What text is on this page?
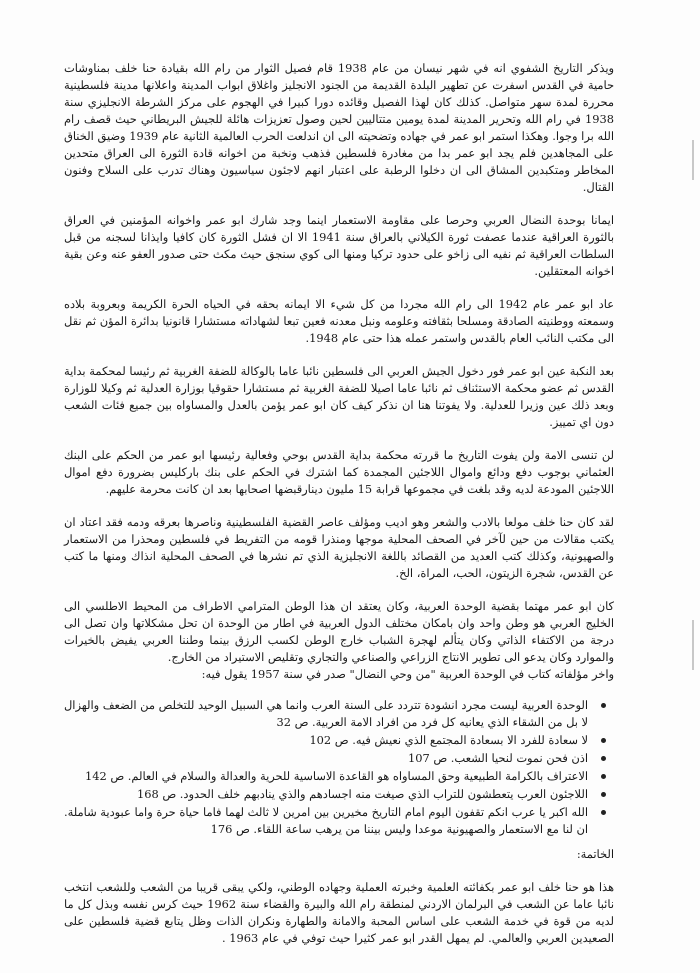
ويذكر التاريخ الشفوي انه في شهر نيسان من عام 1938 قام فصيل الثوار من رام الله بقيادة حنا خلف بمناوشات حامية في القدس اسفرت عن تطهير البلدة القديمة من الجنود الانجليز واغلاق ابواب المدينة واعلانها مدينة فلسطينية محررة لمدة سهر متواصل. كذلك كان لهذا الفصيل وقائده دورا كبيرا في الهجوم على مركز الشرطة الانجليزي سنة 1938 في رام الله وتحرير المدينة لمدة يومين متتاليين لحين وصول تعزيزات هائلة للجيش البريطاني حيث قصف رام الله برا وجوا. وهكذا استمر ابو عمر في جهاده وتضحيته الى ان اندلعت الحرب العالمية الثانية عام 1939 وضيق الخناق على المجاهدين فلم يجد ابو عمر بدا من مغادرة فلسطين فذهب ونخبة من اخوانه قادة الثورة الى العراق متحدين المخاطر ومتكبدين المشاق الى ان دخلوا الرطبة على اعتبار انهم لاجئون سياسيون وهناك تدرب على السلاح وفنون القتال.

ايمانا بوحدة النضال العربي وحرصا على مقاومة الاستعمار اينما وجد شارك ابو عمر واخوانه المؤمنين في العراق بالثورة العراقية عندما عصفت ثورة الكيلاني بالعراق سنة 1941 الا ان فشل الثورة كان كافيا وايذانا لسجنه من قبل السلطات العراقية ثم نفيه الى زاخو على حدود تركيا ومنها الى كوي سنجق حيث مكث حتى صدور العفو عنه وعن بقية اخوانه المعتقلين.

عاد ابو عمر عام 1942 الى رام الله مجردا من كل شيء الا ايمانه بحقه في الحياه الحرة الكريمة وبعروبة بلاده وسمعته ووطنيته الصادقة ومسلحا بثقافته وعلومه ونبل معدنه فعين تبعا لشهاداته مستشارا قانونيا بدائرة المؤن ثم نقل الى مكتب النائب العام بالقدس واستمر عمله هذا حتى عام 1948.

بعد النكبة عين ابو عمر فور دخول الجيش العربي الى فلسطين نائبا عاما بالوكالة للضفة الغربية ثم رئيسا لمحكمة بداية القدس ثم عضو محكمة الاستئناف ثم نائبا عاما اصيلا للضفة الغربية ثم مستشارا حقوقيا بوزارة العدلية ثم وكيلا للوزارة وبعد ذلك عين وزيرا للعدلية. ولا يفوتنا هنا ان نذكر كيف كان ابو عمر يؤمن بالعدل والمساواه بين جميع فئات الشعب دون اي تمييز.

لن تنسى الامة ولن يفوت التاريخ ما قررته محكمة بداية القدس بوحي وفعالية رئيسها ابو عمر من الحكم على البنك العثماني بوجوب دفع ودائع واموال اللاجئين المجمدة كما اشترك في الحكم على بنك باركليس بضرورة دفع اموال اللاجئين المودعة لديه وقد بلغت في مجموعها قرابة 15 مليون دينارقبضها اصحابها بعد ان كانت محرمة عليهم.

لقد كان حنا خلف مولعا بالادب والشعر وهو اديب ومؤلف عاصر القضية الفلسطينية وناصرها بعرقه ودمه فقد اعتاد ان يكتب مقالات من حين لآخر في الصحف المحلية موجها ومنذرا قومه من التفريط في فلسطين ومحذرا من الاستعمار والصهيونية، وكذلك كتب العديد من القصائد باللغة الانجليزية الذي تم نشرها في الصحف المحلية انذاك ومنها ما كتب عن القدس، شجرة الزيتون، الحب، المراة، الخ.

كان ابو عمر مهتما بقضية الوحدة العربية، وكان يعتقد ان هذا الوطن المترامي الاطراف من المحيط الاطلسي الى الخليج العربي هو وطن واحد وان بامكان مختلف الدول العربية في اطار من الوحدة ان تحل مشكلاتها وان تصل الى درجة من الاكتفاء الذاتي وكان يتألم لهجرة الشباب خارج الوطن لكسب الرزق بينما وطننا العربي يفيض بالخيرات والموارد وكان يدعو الى تطوير الانتاج الزراعي والصناعي والتجاري وتقليص الاستيراد من الخارج.

واخر مؤلفاته كتاب في الوحدة العربية "من وحي النضال" صدر في سنة 1957 يقول فيه:

الوحدة العربية ليست مجرد انشودة تتردد على السنة العرب وانما هي السبيل الوحيد للتخلص من الضعف والهزال لا بل من الشقاء الذي يعانيه كل فرد من افراد الامة العربية. ص 32
لا سعادة للفرد الا بسعادة المجتمع الذي نعيش فيه. ص 102
اذن فحن نموت لنحيا الشعب. ص 107
الاعتراف بالكرامة الطبيعية وحق المساواه هو القاعدة الاساسية للحرية والعدالة والسلام في العالم. ص 142
اللاجئون العرب يتعطشون للتراب الذي صيغت منه اجسادهم والذي ينادبهم خلف الحدود. ص 168
الله اكبر يا عرب انكم تقفون اليوم امام التاريخ مخيرين بين امرين لا ثالث لهما فاما حياة حرة واما عبودية شاملة. ان لنا مع الاستعمار والصهيونية موعدا وليس بيننا من يرهب ساعة اللقاء. ص 176

الخاتمة:

هذا هو حنا خلف ابو عمر بكفائته العلمية وخبرته العملية وجهاده الوطني، ولكي يبقى قريبا من الشعب وللشعب انتخب نائبا عاما عن الشعب في البرلمان الاردني لمنطقة رام الله والبيرة والقضاء سنة 1962 حيث كرس نفسه وبذل كل ما لديه من قوة في خدمة الشعب على اساس المحبة والامانة والطهارة ونكران الذات وظل يتابع قضية فلسطين على الصعيدين العربي والعالمي. لم يمهل القدر ابو عمر كثيرا حيث توفي في عام 1963 .
